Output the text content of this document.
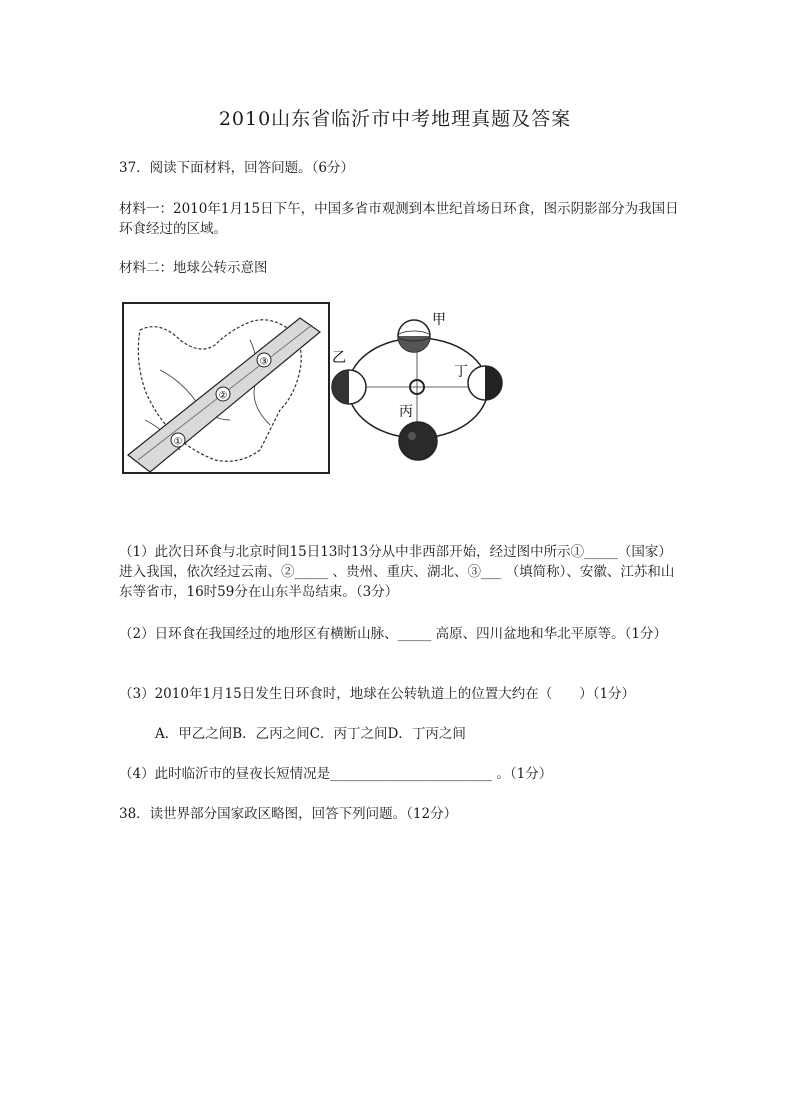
2010山东省临沂市中考地理真题及答案
37．阅读下面材料，回答问题。（6分）
材料一：2010年1月15日下午，中国多省市观测到本世纪首场日环食，图示阴影部分为我国日环食经过的区域。
材料二：地球公转示意图
①
②
③
甲
乙
丁
丙
（1）此次日环食与北京时间15日13时13分从中非西部开始，经过图中所示①_____（国家）进入我国，依次经过云南、②_____ 、贵州、重庆、湖北、③___ （填简称）、安徽、江苏和山东等省市，16时59分在山东半岛结束。（3分）
（2）日环食在我国经过的地形区有横断山脉、_____ 高原、四川盆地和华北平原等。（1分）
（3）2010年1月15日发生日环食时，地球在公转轨道上的位置大约在（　　）（1分）
A．甲乙之间B．乙丙之间C．丙丁之间D．丁丙之间
（4）此时临沂市的昼夜长短情况是________________________ 。（1分）
38．读世界部分国家政区略图，回答下列问题。（12分）
